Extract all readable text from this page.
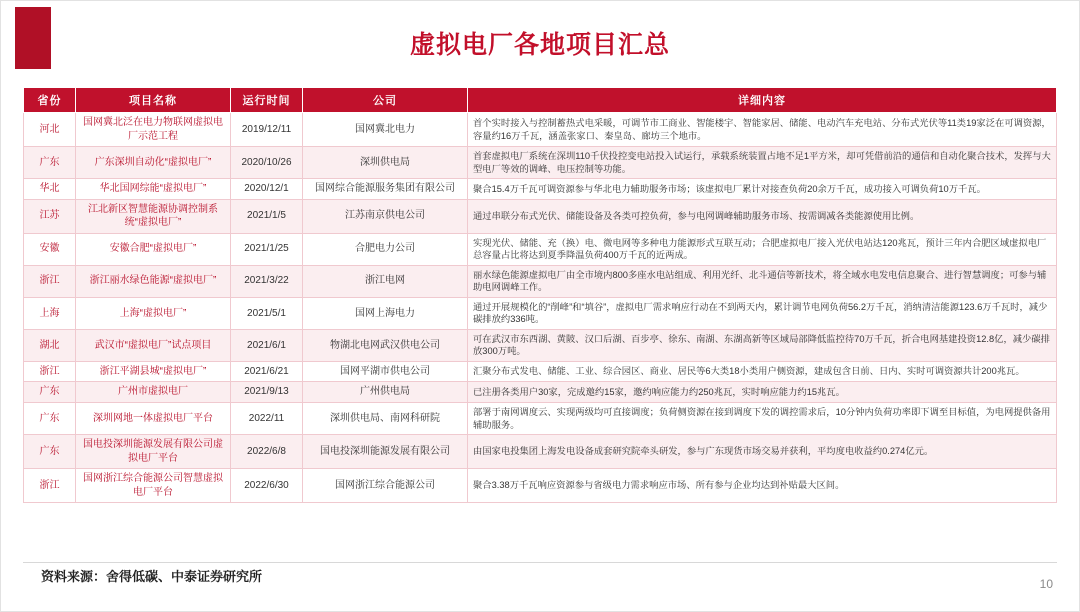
虚拟电厂各地项目汇总
省份	项目名称	运行时间	公司	详细内容
河北	国网冀北泛在电力物联网虚拟电厂示范工程	2019/12/11	国网冀北电力	首个实时接入与控制蓄热式电采暖，可调节市工商业、智能楼宇、智能家居、储能、电动汽车充电站、分布式光伏等11类19家泛在可调资源，容量约16万千瓦，涵盖张家口、秦皇岛、廊坊三个地市。
广东	广东深圳自动化“虚拟电厂”	2020/10/26	深圳供电局	首套虚拟电厂系统在深圳110千伏投控变电站投入试运行，承载系统装置占地不足1平方米，却可凭借前沿的通信和自动化聚合技术，发挥与大型电厂等效的调峰、电压控制等功能。
华北	华北国网综能“虚拟电厂”	2020/12/1	国网综合能源服务集团有限公司	聚合15.4万千瓦可调资源参与华北电力辅助服务市场；该虚拟电厂累计对接查负荷20余万千瓦，成功接入可调负荷10万千瓦。
江苏	江北新区智慧能源协调控制系统“虚拟电厂”	2021/1/5	江苏南京供电公司	通过串联分布式光伏、储能设备及各类可控负荷，参与电网调峰辅助服务市场、按需调减各类能源使用比例。
安徽	安徽合肥“虚拟电厂”	2021/1/25	合肥电力公司	实现光伏、储能、充（换）电、微电网等多种电力能源形式互联互动；合肥虚拟电厂接入光伏电站达120兆瓦，预计三年内合肥区域虚拟电厂总容量占比将达到夏季降温负荷400万千瓦的近两成。
浙江	浙江丽水绿色能源“虚拟电厂”	2021/3/22	浙江电网	丽水绿色能源虚拟电厂由全市境内800多座水电站组成、利用光纤、北斗通信等新技术，将全域水电发电信息聚合、进行智慧调度；可参与辅助电网调峰工作。
上海	上海“虚拟电厂”	2021/5/1	国网上海电力	通过开展规模化的“削峰”和“填谷”，虚拟电厂需求响应行动在不到两天内，累计调节电网负荷56.2万千瓦，消纳清洁能源123.6万千瓦时，减少碳排放约336吨。
湖北	武汉市“虚拟电厂”试点项目	2021/6/1	物湖北电网武汉供电公司	可在武汉市东西湖、黄陂、汉口后湖、百步亭、徐东、南湖、东湖高新等区域局部降低监控待70万千瓦，折合电网基建投资12.8亿，减少碳排放300万吨。
浙江	浙江平湖县城“虚拟电厂”	2021/6/21	国网平湖市供电公司	汇聚分布式发电、储能、工业、综合园区、商业、居民等6大类18小类用户侧资源，建成包含日前、日内、实时可调资源共计200兆瓦。
广东	广州市虚拟电厂	2021/9/13	广州供电局	已注册各类用户30家，完成邀约15家，邀约响应能力约250兆瓦，实时响应能力约15兆瓦。
广东	深圳网地一体虚拟电厂平台	2022/11	深圳供电局、南网科研院	部署于南网调度云、实现两级均可直接调度；负荷侧资源在接到调度下发的调控需求后，10分钟内负荷功率即下调至目标值，为电网提供备用辅助服务。
广东	国电投深圳能源发展有限公司虚拟电厂平台	2022/6/8	国电投深圳能源发展有限公司	由国家电投集团上海发电设备成套研究院牵头研发，参与广东现货市场交易并获利，平均度电收益约0.274亿元。
浙江	国网浙江综合能源公司智慧虚拟电厂平台	2022/6/30	国网浙江综合能源公司	聚合3.38万千瓦响应资源参与省级电力需求响应市场、所有参与企业均达到补贴最大区间。
资料来源：舍得低碳、中泰证券研究所	10
